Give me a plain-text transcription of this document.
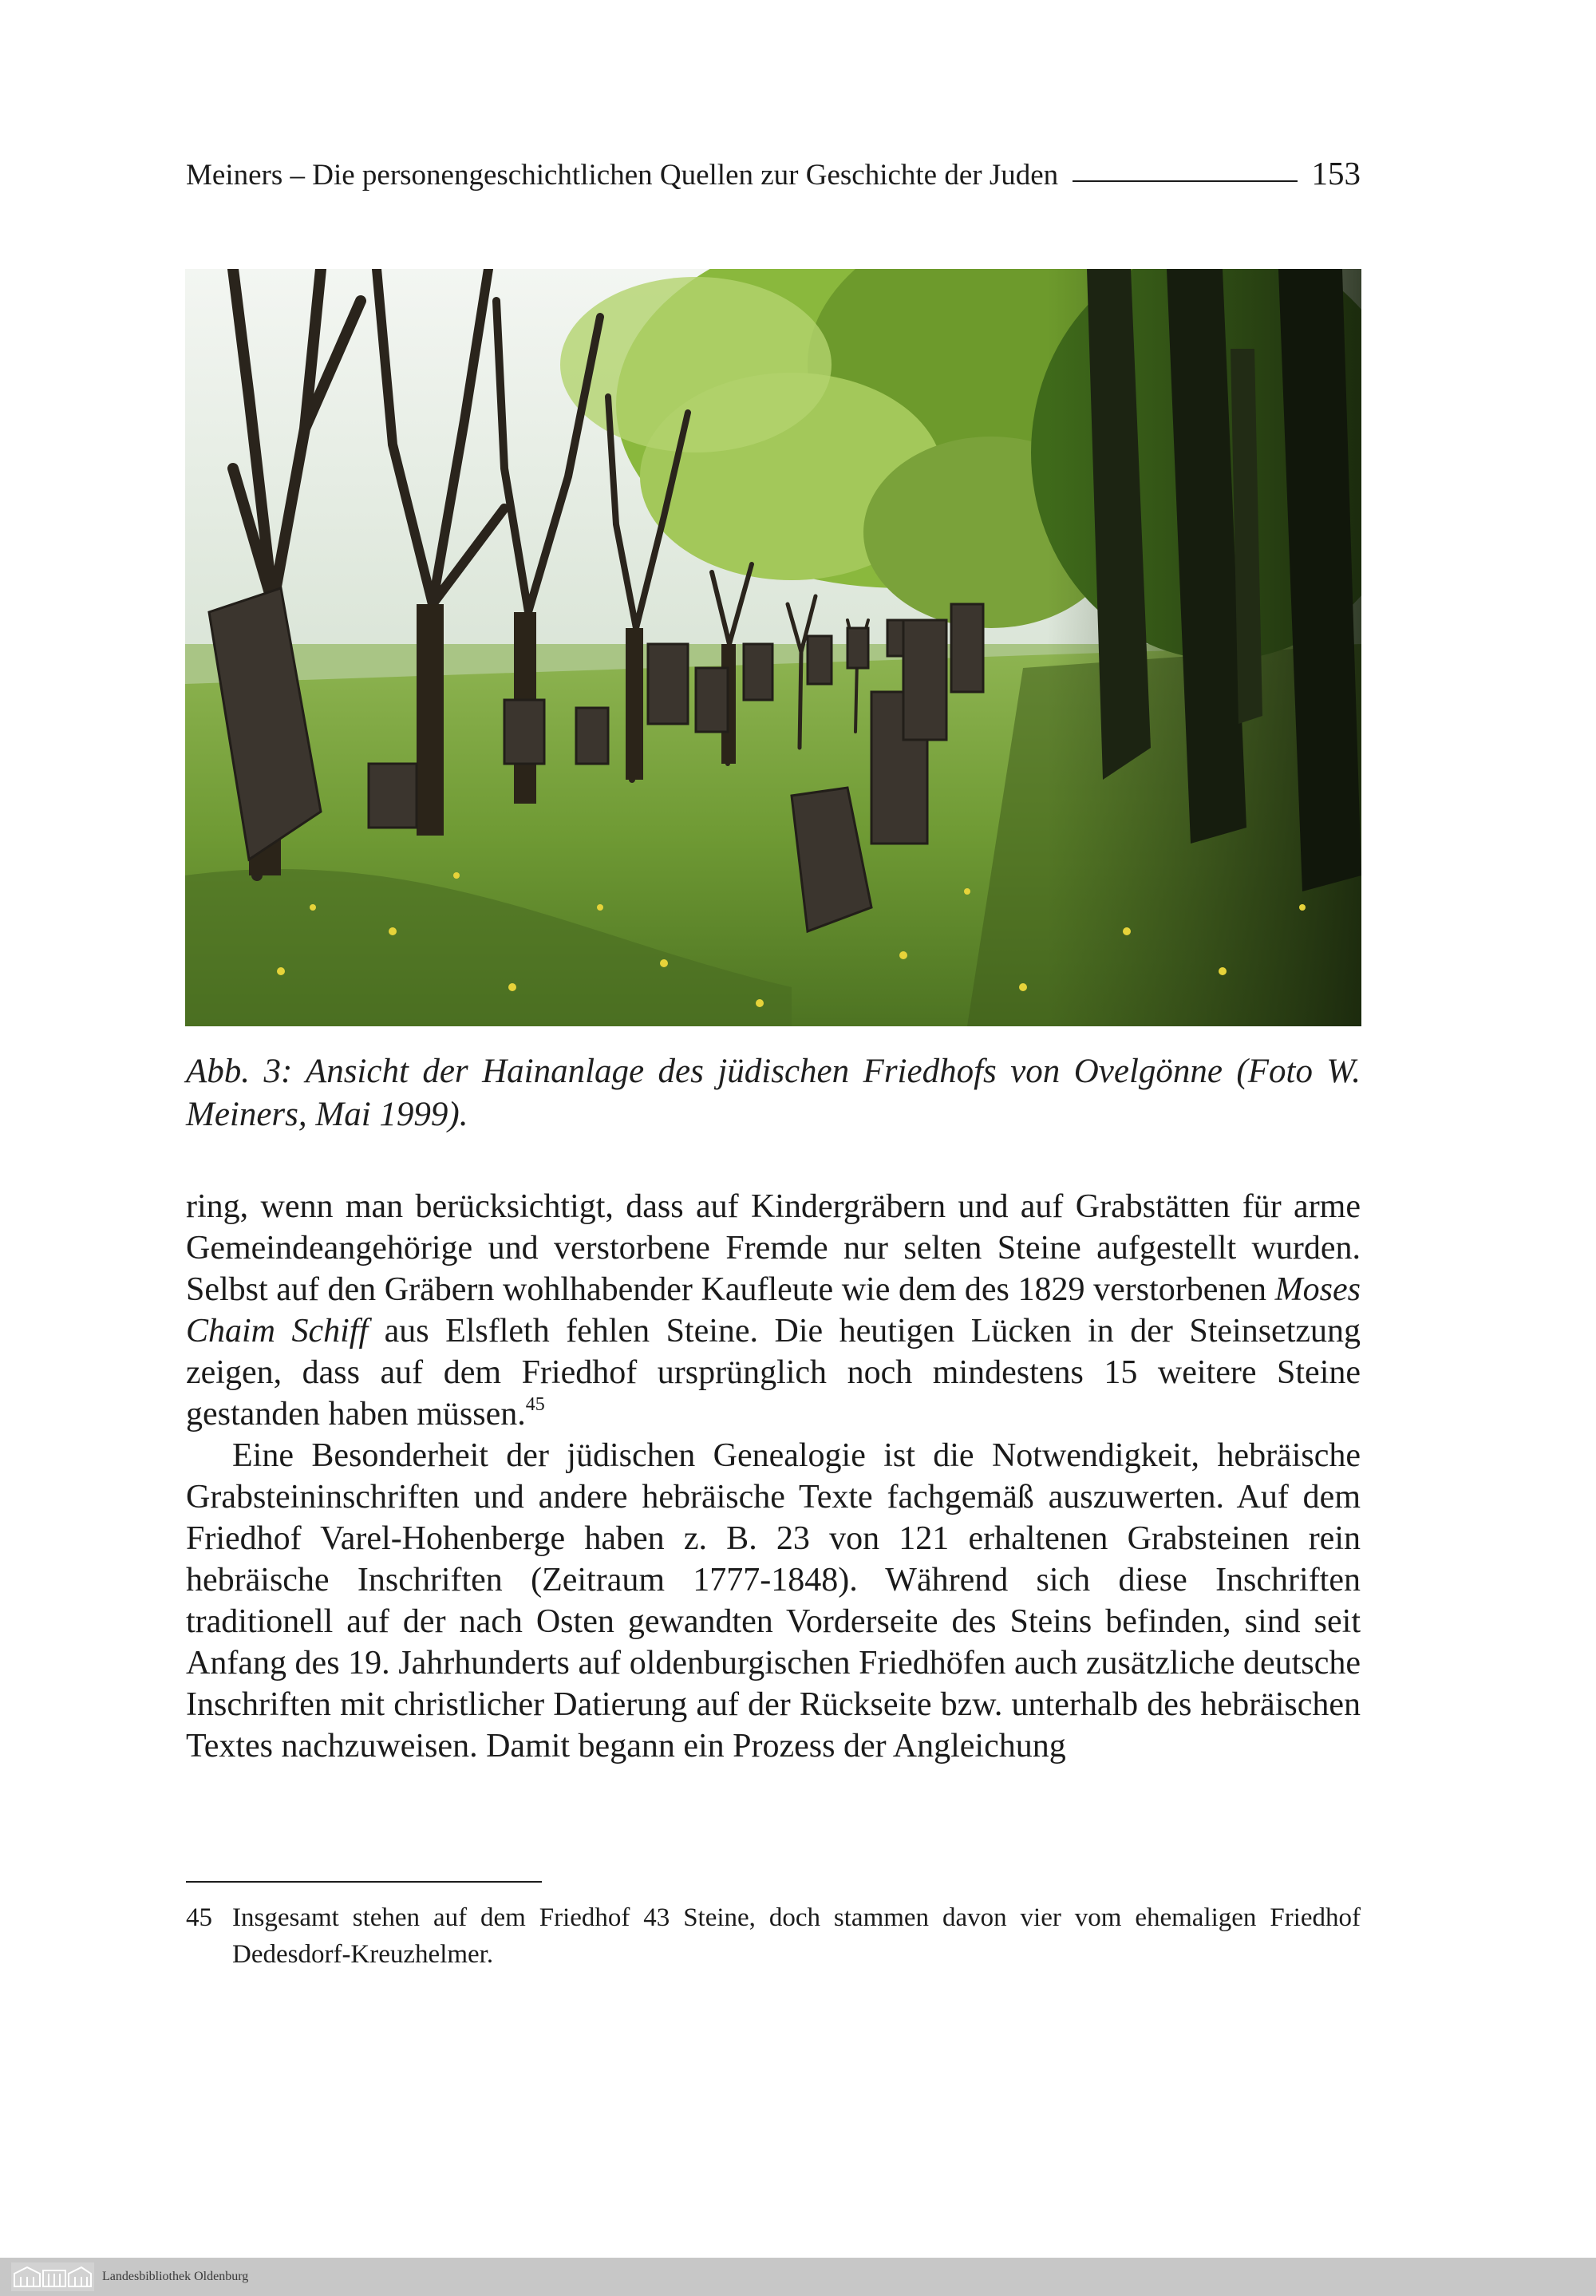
Meiners – Die personengeschichtlichen Quellen zur Geschichte der Juden	153
Abb. 3: Ansicht der Hainanlage des jüdischen Friedhofs von Ovelgönne (Foto W. Meiners, Mai 1999).

ring, wenn man berücksichtigt, dass auf Kindergräbern und auf Grabstätten für arme Gemeindeangehörige und verstorbene Fremde nur selten Steine aufgestellt wurden. Selbst auf den Gräbern wohlhabender Kaufleute wie dem des 1829 verstorbenen Moses Chaim Schiff aus Elsfleth fehlen Steine. Die heutigen Lücken in der Steinsetzung zeigen, dass auf dem Friedhof ursprünglich noch mindestens 15 weitere Steine gestanden haben müssen.$^{45}$

Eine Besonderheit der jüdischen Genealogie ist die Notwendigkeit, hebräische Grabsteininschriften und andere hebräische Texte fachgemäß auszuwerten. Auf dem Friedhof Varel-Hohenberge haben z. B. 23 von 121 erhaltenen Grabsteinen rein hebräische Inschriften (Zeitraum 1777-1848). Während sich diese Inschriften traditionell auf der nach Osten gewandten Vorderseite des Steins befinden, sind seit Anfang des 19. Jahrhunderts auf oldenburgischen Friedhöfen auch zusätzliche deutsche Inschriften mit christlicher Datierung auf der Rückseite bzw. unterhalb des hebräischen Textes nachzuweisen. Damit begann ein Prozess der Angleichung

45 Insgesamt stehen auf dem Friedhof 43 Steine, doch stammen davon vier vom ehemaligen Friedhof Dedesdorf-Kreuzhelmer.
Landesbibliothek Oldenburg
